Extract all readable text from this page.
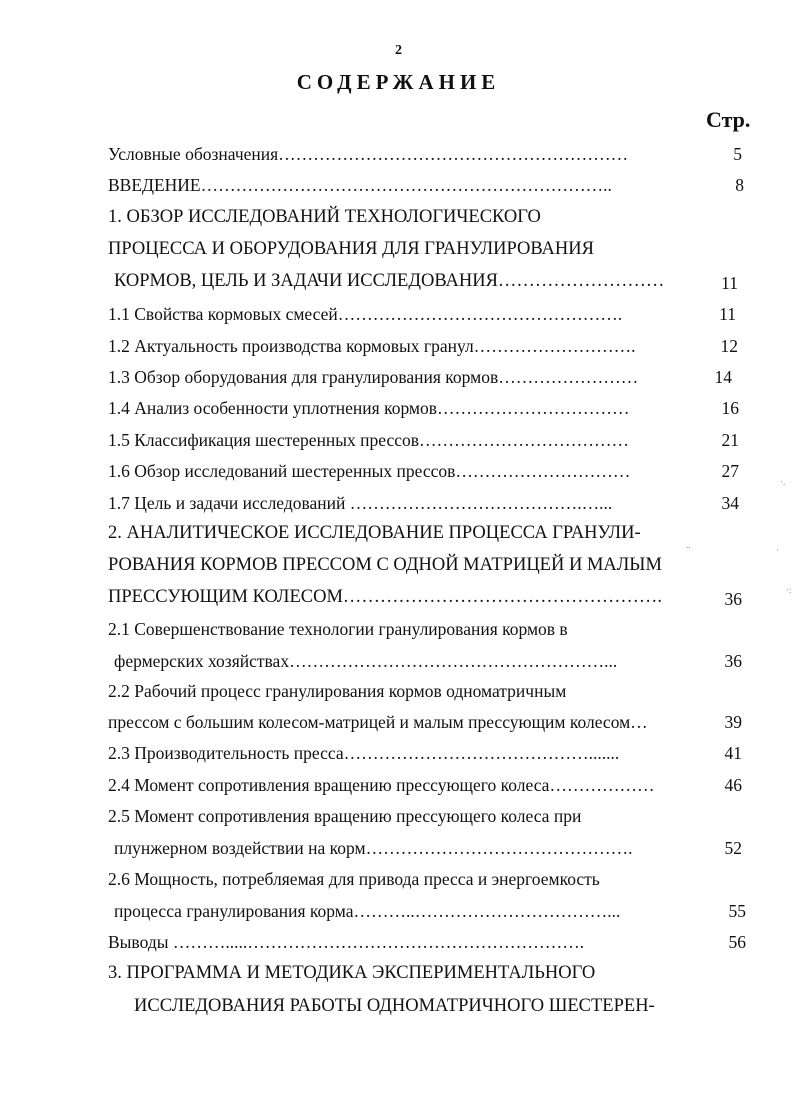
2
СОДЕРЖАНИЕ
Стр.
Условные обозначения……………………………………………………
ВВЕДЕНИЕ……………………………………………………………..
1. ОБЗОР ИССЛЕДОВАНИЙ ТЕХНОЛОГИЧЕСКОГО
ПРОЦЕССА И ОБОРУДОВАНИЯ ДЛЯ ГРАНУЛИРОВАНИЯ
КОРМОВ, ЦЕЛЬ И ЗАДАЧИ ИССЛЕДОВАНИЯ………………………
1.1 Свойства кормовых смесей………………………………………….
1.2 Актуальность производства кормовых гранул……………………….
1.3 Обзор оборудования для гранулирования кормов……………………
1.4 Анализ особенности уплотнения кормов……………………………
1.5 Классификация шестеренных прессов………………………………
1.6 Обзор исследований шестеренных прессов…………………………
1.7 Цель и задачи исследований ………………………………….…...
2. АНАЛИТИЧЕСКОЕ ИССЛЕДОВАНИЕ ПРОЦЕССА ГРАНУЛИ-
РОВАНИЯ КОРМОВ ПРЕССОМ С ОДНОЙ МАТРИЦЕЙ И МАЛЫМ
ПРЕССУЮЩИМ КОЛЕСОМ…………………………………………….
2.1 Совершенствование технологии гранулирования кормов в
фермерских хозяйствах………………………………………………...
2.2 Рабочий процесс гранулирования кормов одноматричным
прессом с большим колесом-матрицей и малым прессующим колесом…
2.3 Производительность пресса…………………………………….......
2.4 Момент сопротивления вращению прессующего колеса………………
2.5 Момент сопротивления вращению прессующего колеса при
плунжерном воздействии на корм……………………………………….
2.6 Мощность, потребляемая для привода пресса и энергоемкость
процесса гранулирования корма………..……………………………...
Выводы ……….....………………………………………………….
3. ПРОГРАММА И МЕТОДИКА ЭКСПЕРИМЕНТАЛЬНОГО
ИССЛЕДОВАНИЯ РАБОТЫ ОДНОМАТРИЧНОГО ШЕСТЕРЕН-
5
8
11
11
12
14
16
21
27
34
36
36
39
41
46
52
55
56
·.
..	·
·:
